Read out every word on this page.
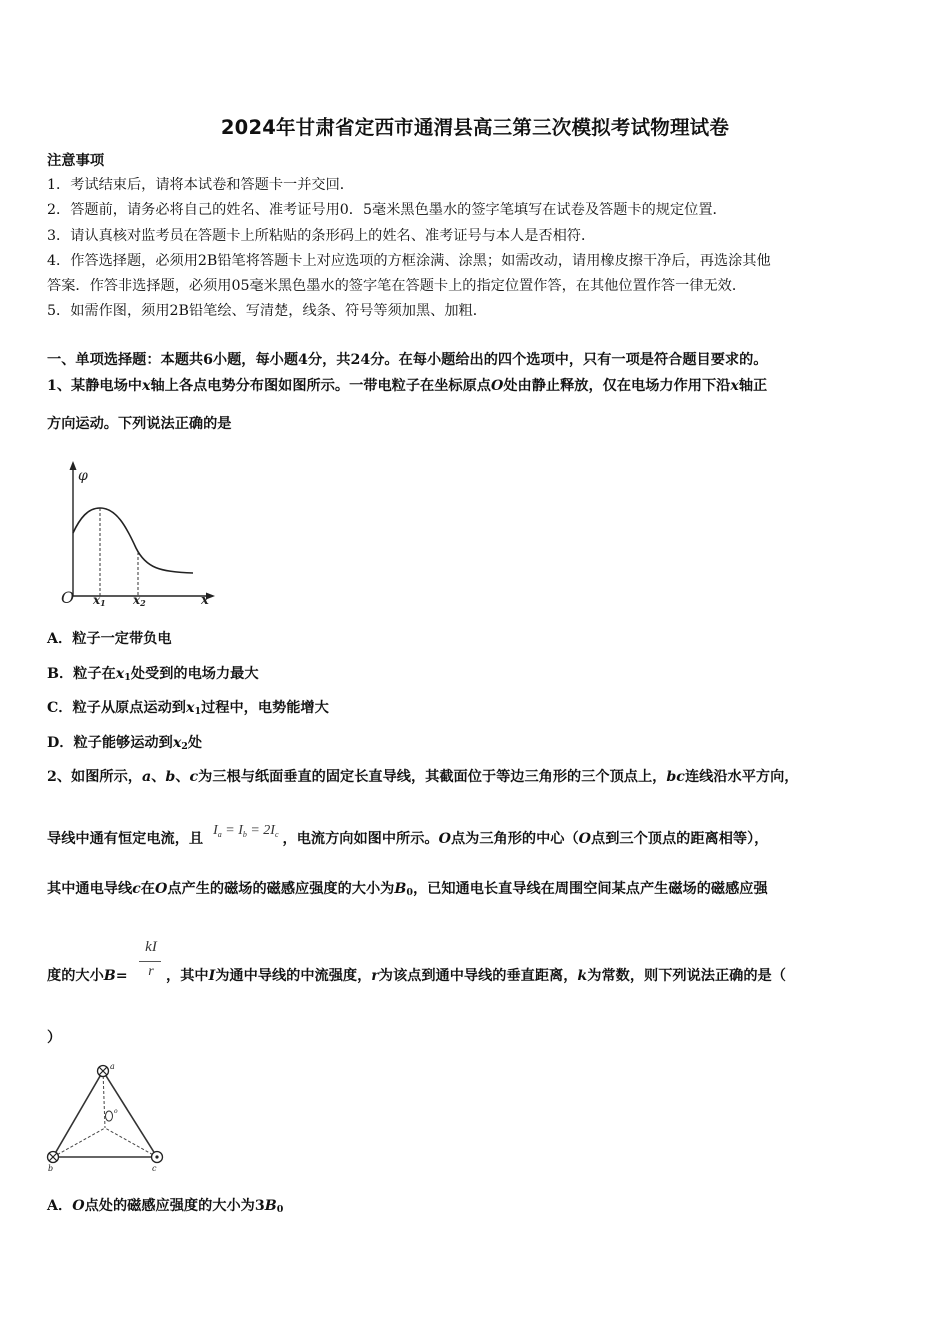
2024年甘肃省定西市通渭县高三第三次模拟考试物理试卷
注意事项
1．考试结束后，请将本试卷和答题卡一并交回．
2．答题前，请务必将自己的姓名、准考证号用0．5毫米黑色墨水的签字笔填写在试卷及答题卡的规定位置．
3．请认真核对监考员在答题卡上所粘贴的条形码上的姓名、准考证号与本人是否相符．
4．作答选择题，必须用2B铅笔将答题卡上对应选项的方框涂满、涂黑；如需改动，请用橡皮擦干净后，再选涂其他
答案．作答非选择题，必须用05毫米黑色墨水的签字笔在答题卡上的指定位置作答，在其他位置作答一律无效．
5．如需作图，须用2B铅笔绘、写清楚，线条、符号等须加黑、加粗．
一、单项选择题：本题共6小题，每小题4分，共24分。在每小题给出的四个选项中，只有一项是符合题目要求的。
1、某静电场中x轴上各点电势分布图如图所示。一带电粒子在坐标原点O处由静止释放，仅在电场力作用下沿x轴正
方向运动。下列说法正确的是
φ
O x1 x2	x
A．粒子一定带负电
B．粒子在$x_1$处受到的电场力最大
C．粒子从原点运动到$x_1$过程中，电势能增大
D．粒子能够运动到$x_2$处
2、如图所示，a、b、c为三根与纸面垂直的固定长直导线，其截面位于等边三角形的三个顶点上，bc连线沿水平方向，
导线中通有恒定电流，且$I_a = I_b = 2I_c$ ，电流方向如图中所示。O点为三角形的中心（O点到三个顶点的距离相等），
其中通电导线c在O点产生的磁场的磁感应强度的大小为$B_0$，已知通电长直导线在周围空间某点产生磁场的磁感应强
kI
r
度的大小B=	，其中I为通中导线的中流强度，r为该点到通中导线的垂直距离，k为常数，则下列说法正确的是（
）
a
b	c
o
A．O点处的磁感应强度的大小为$3B_0$
